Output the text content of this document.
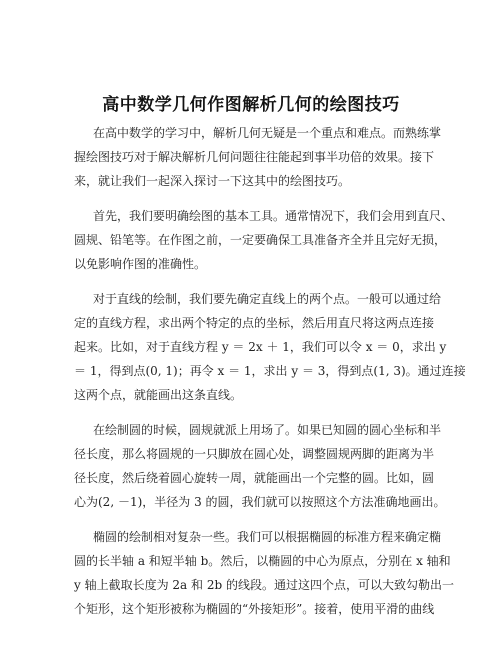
高中数学几何作图解析几何的绘图技巧
在高中数学的学习中，解析几何无疑是一个重点和难点。而熟练掌
握绘图技巧对于解决解析几何问题往往能起到事半功倍的效果。接下
来，就让我们一起深入探讨一下这其中的绘图技巧。
首先，我们要明确绘图的基本工具。通常情况下，我们会用到直尺、
圆规、铅笔等。在作图之前，一定要确保工具准备齐全并且完好无损，
以免影响作图的准确性。
对于直线的绘制，我们要先确定直线上的两个点。一般可以通过给
定的直线方程，求出两个特定的点的坐标，然后用直尺将这两点连接
起来。比如，对于直线方程 y ＝ 2x ＋ 1，我们可以令 x ＝ 0，求出 y
＝ 1，得到点(0, 1)；再令 x ＝ 1，求出 y ＝ 3，得到点(1, 3)。通过连接
这两个点，就能画出这条直线。
在绘制圆的时候，圆规就派上用场了。如果已知圆的圆心坐标和半
径长度，那么将圆规的一只脚放在圆心处，调整圆规两脚的距离为半
径长度，然后绕着圆心旋转一周，就能画出一个完整的圆。比如，圆
心为(2, －1)，半径为 3 的圆，我们就可以按照这个方法准确地画出。
椭圆的绘制相对复杂一些。我们可以根据椭圆的标准方程来确定椭
圆的长半轴 a 和短半轴 b。然后，以椭圆的中心为原点，分别在 x 轴和
y 轴上截取长度为 2a 和 2b 的线段。通过这四个点，可以大致勾勒出一
个矩形，这个矩形被称为椭圆的“外接矩形”。接着，使用平滑的曲线
